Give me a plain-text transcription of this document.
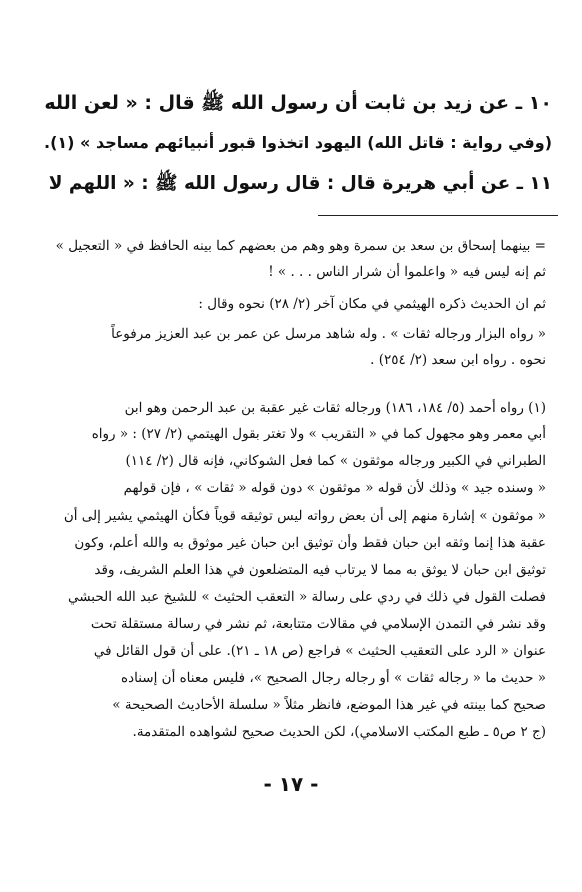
١٠ ـ عن زيد بن ثابت أن رسول الله ﷺ قال : « لعن الله
(وفي رواية : قاتل الله) اليهود اتخذوا قبور أنبيائهم مساجد » (١).
١١ ـ عن أبي هريرة قال : قال رسول الله ﷺ : « اللهم لا
= بينهما إسحاق بن سعد بن سمرة وهو وهم من بعضهم كما بينه الحافظ في « التعجيل »
ثم إنه ليس فيه « واعلموا أن شرار الناس . . . » !
ثم ان الحديث ذكره الهيثمي في مكان آخر (٢/ ٢٨) نحوه وقال :
« رواه البزار ورجاله ثقات » . وله شاهد مرسل عن عمر بن عبد العزيز مرفوعاً
نحوه . رواه ابن سعد (٢/ ٢٥٤) .
(١) رواه أحمد (٥/ ١٨٤، ١٨٦) ورجاله ثقات غير عقبة بن عبد الرحمن وهو ابن
أبي معمر وهو مجهول كما في « التقريب » ولا تغتر بقول الهيتمي (٢/ ٢٧) : « رواه
الطبراني في الكبير ورجاله موثقون » كما فعل الشوكاني، فإنه قال (٢/ ١١٤)
« وسنده جيد » وذلك لأن قوله « موثقون » دون قوله « ثقات » ، فإن قولهم
« موثقون » إشارة منهم إلى أن بعض رواته ليس توثيقه قوياً فكأن الهيثمي يشير إلى أن
عقبة هذا إنما وثقه ابن حبان فقط وأن توثيق ابن حبان غير موثوق به والله أعلم، وكون
توثيق ابن حبان لا يوثق به مما لا يرتاب فيه المتضلعون في هذا العلم الشريف، وقد
فصلت القول في ذلك في ردي على رسالة « التعقب الحثيث » للشيخ عبد الله الحبشي
وقد نشر في التمدن الإسلامي في مقالات متتابعة، ثم نشر في رسالة مستقلة تحت
عنوان « الرد على التعقيب الحثيث » فراجع (ص ١٨ ـ ٢١). على أن قول القائل في
« حديث ما « رجاله ثقات » أو رجاله رجال الصحيح »، فليس معناه أن إسناده
صحيح كما بينته في غير هذا الموضع، فانظر مثلاً « سلسلة الأحاديث الصحيحة »
(ج ٢ ص٥ ـ طبع المكتب الاسلامي)، لكن الحديث صحيح لشواهده المتقدمة.
- ١٧ -
